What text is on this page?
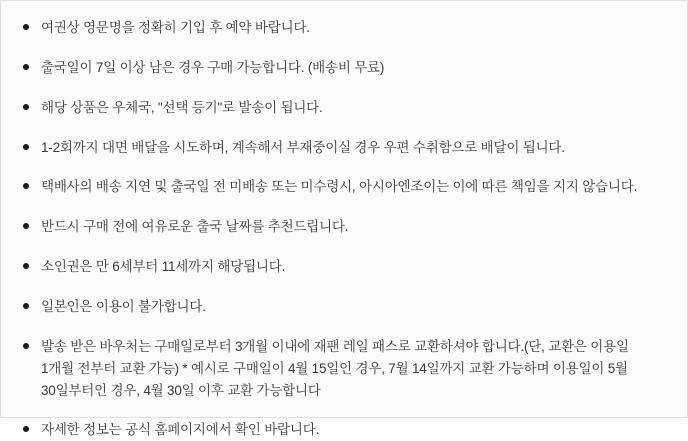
여권상 영문명을 정확히 기입 후 예약 바랍니다.
출국일이 7일 이상 남은 경우 구매 가능합니다. (배송비 무료)
해당 상품은 우체국, "선택 등기"로 발송이 됩니다.
1-2회까지 대면 배달을 시도하며, 계속해서 부재중이실 경우 우편 수취함으로 배달이 됩니다.
택배사의 배송 지연 및 출국일 전 미배송 또는 미수령시, 아시아엔조이는 이에 따른 책임을 지지 않습니다.
반드시 구매 전에 여유로운 출국 날짜를 추천드립니다.
소인권은 만 6세부터 11세까지 해당됩니다.
일본인은 이용이 불가합니다.
발송 받은 바우처는 구매일로부터 3개월 이내에 재팬 레일 패스로 교환하셔야 합니다.(단, 교환은 이용일 1개월 전부터 교환 가능) * 예시로 구매일이 4월 15일인 경우, 7월 14일까지 교환 가능하며 이용일이 5월 30일부터인 경우, 4월 30일 이후 교환 가능합니다
자세한 정보는 공식 홈페이지에서 확인 바랍니다.
